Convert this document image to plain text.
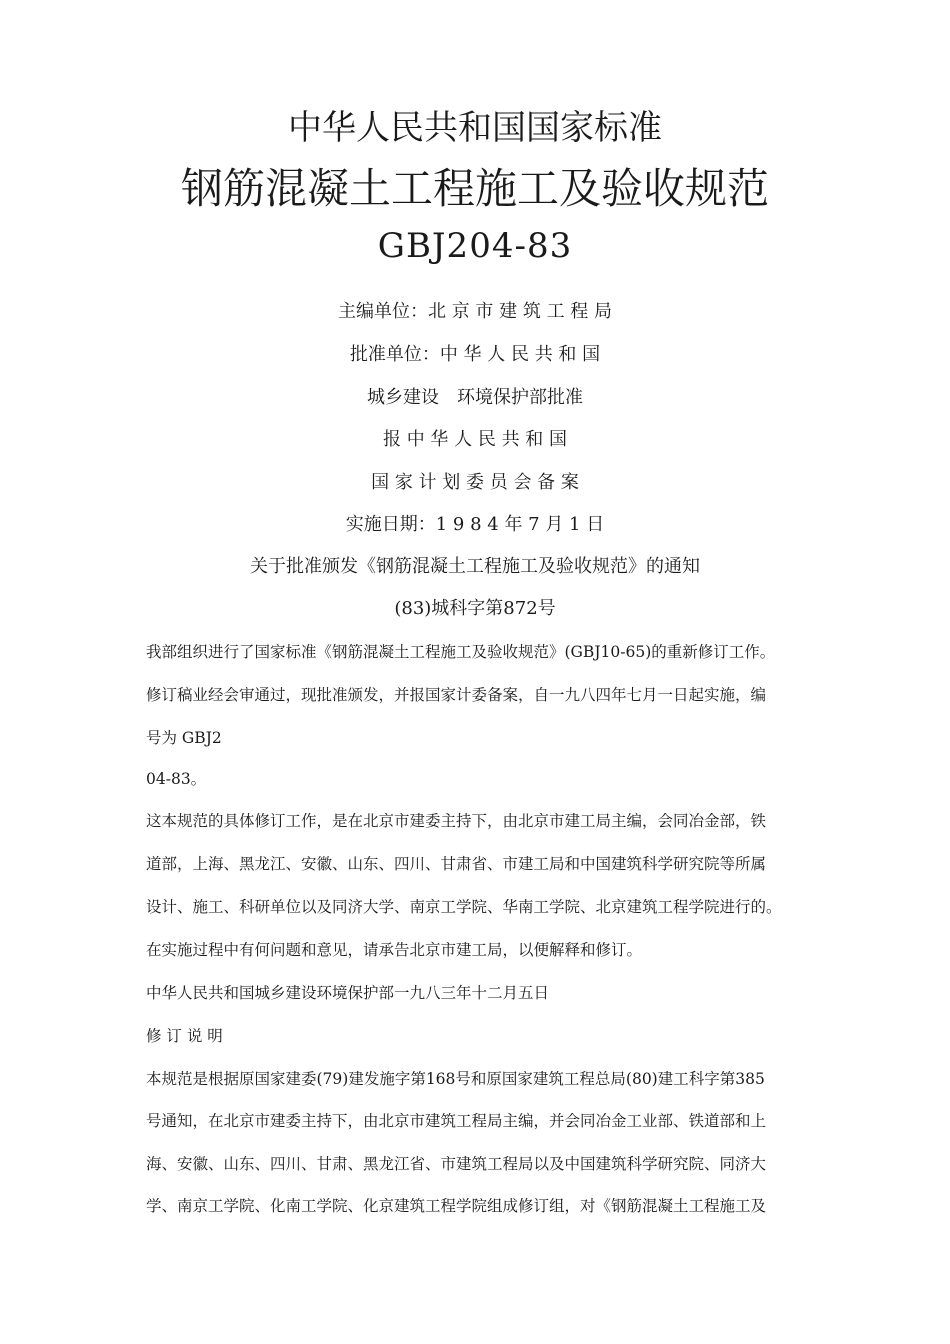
中华人民共和国国家标准
钢筋混凝土工程施工及验收规范
GBJ204-83
主编单位：北 京 市 建 筑 工 程 局
批准单位：中 华 人 民 共 和 国
城乡建设　环境保护部批准
报 中 华 人 民 共 和 国
国 家 计 划 委 员 会 备 案
实施日期：1 9 8 4 年 7 月 1 日
关于批准颁发《钢筋混凝土工程施工及验收规范》的通知
(83)城科字第872号
我部组织进行了国家标准《钢筋混凝土工程施工及验收规范》(GBJ10-65)的重新修订工作。
修订稿业经会审通过，现批准颁发，并报国家计委备案，自一九八四年七月一日起实施，编
号为 GBJ2
04-83。
这本规范的具体修订工作，是在北京市建委主持下，由北京市建工局主编，会同冶金部，铁
道部，上海、黑龙江、安徽、山东、四川、甘肃省、市建工局和中国建筑科学研究院等所属
设计、施工、科研单位以及同济大学、南京工学院、华南工学院、北京建筑工程学院进行的。
在实施过程中有何问题和意见，请承告北京市建工局，以便解释和修订。
中华人民共和国城乡建设环境保护部一九八三年十二月五日
修 订 说 明
本规范是根据原国家建委(79)建发施字第168号和原国家建筑工程总局(80)建工科字第385
号通知，在北京市建委主持下，由北京市建筑工程局主编，并会同冶金工业部、铁道部和上
海、安徽、山东、四川、甘肃、黑龙江省、市建筑工程局以及中国建筑科学研究院、同济大
学、南京工学院、化南工学院、化京建筑工程学院组成修订组，对《钢筋混凝土工程施工及
